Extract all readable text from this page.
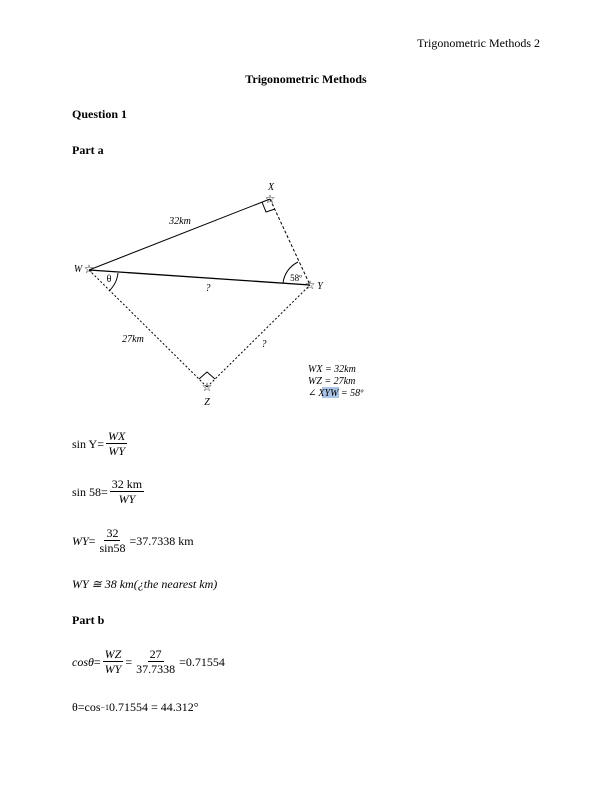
Trigonometric Methods 2
Trigonometric Methods
Question 1
Part a
☆
☆
☆
☆
X
W
Y
Z
32km
27km
?
?
θ	58º
WX = 32km
WZ = 27km
∠ XYW = 58º
$\sin Y = \frac{WX}{WY}$
$\sin 58 = \frac{32 km}{WY}$
WY = $\frac{32}{\sin 58} =37.7338$ km
WY ≅ 38 km(¿the nearest km)
Part b
$\cos\theta = \frac{WZ}{WY} = \frac{27}{37.7338} =0.71554$
θ=cos −1 0.71554 = 44.312°
